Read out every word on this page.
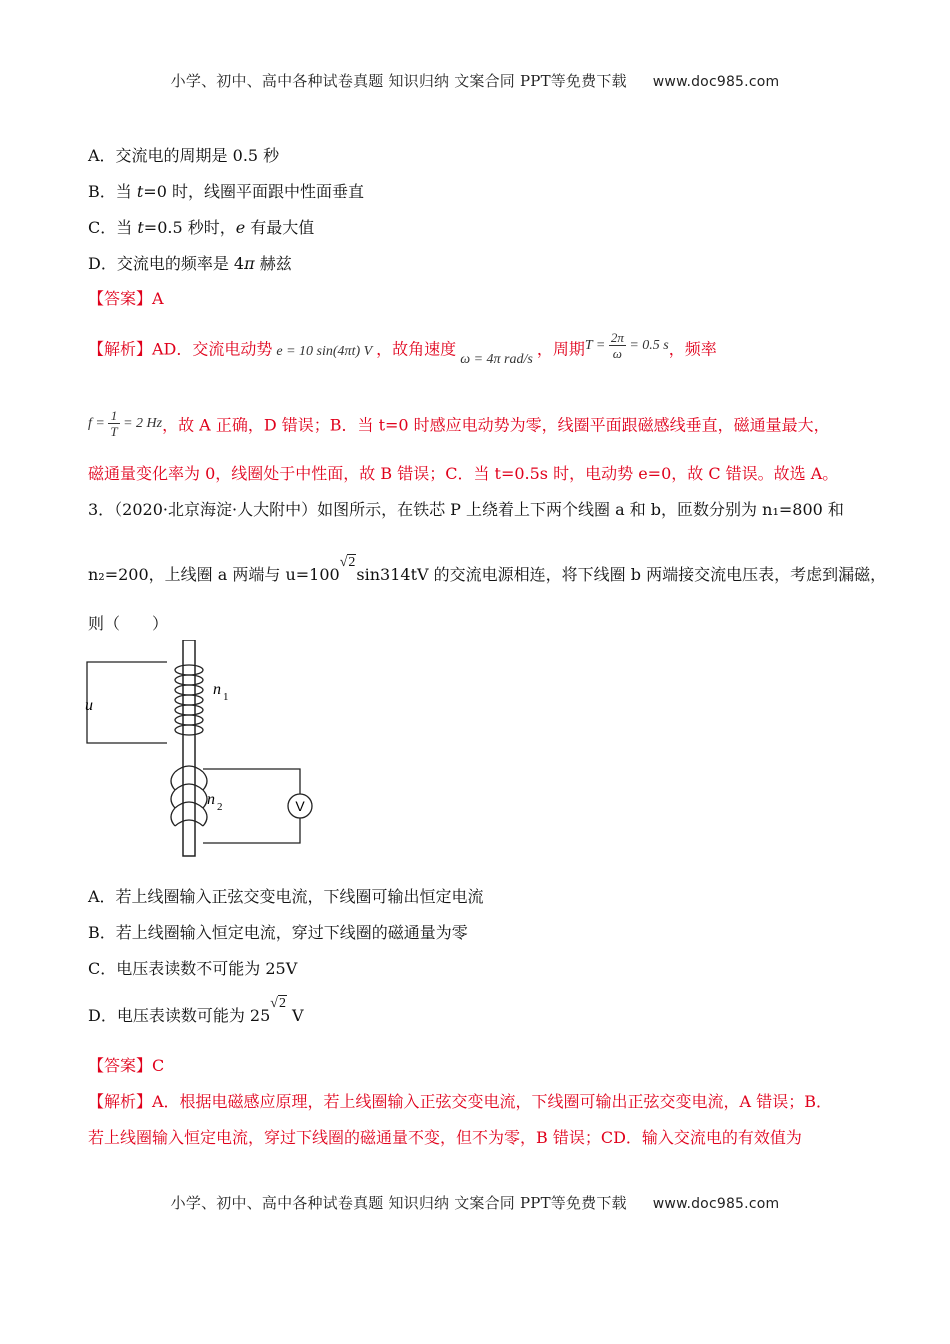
小学、初中、高中各种试卷真题 知识归纳 文案合同 PPT等免费下载 www.doc985.com
A．交流电的周期是 0.5 秒
B．当 t=0 时，线圈平面跟中性面垂直
C．当 t=0.5 秒时，e 有最大值
D．交流电的频率是 4π 赫兹
【答案】A
【解析】AD．交流电动势 e = 10 sin(4πt) V ，故角速度ω = 4π rad/s，周期$T = \frac{2\pi}{\omega} = 0.5$ s，频率
$f = \frac{1}{T} = 2$ Hz，故 A 正确，D 错误；B．当 t=0 时感应电动势为零，线圈平面跟磁感线垂直，磁通量最大，
磁通量变化率为 0，线圈处于中性面，故 B 错误；C．当 t=0.5s 时，电动势 e=0，故 C 错误。故选 A。
3．（2020·北京海淀·人大附中）如图所示，在铁芯 P 上绕着上下两个线圈 a 和 b，匝数分别为 n₁=800 和
n₂=200，上线圈 a 两端与 u=100√2sin314tV 的交流电源相连，将下线圈 b 两端接交流电压表，考虑到漏磁，
则（　　）
V
u
n 1
n 2
A．若上线圈输入正弦交变电流，下线圈可输出恒定电流
B．若上线圈输入恒定电流，穿过下线圈的磁通量为零
C．电压表读数不可能为 25V
D．电压表读数可能为 25√2 V
【答案】C
【解析】A．根据电磁感应原理，若上线圈输入正弦交变电流，下线圈可输出正弦交变电流，A 错误；B．
若上线圈输入恒定电流，穿过下线圈的磁通量不变，但不为零，B 错误；CD．输入交流电的有效值为
小学、初中、高中各种试卷真题 知识归纳 文案合同 PPT等免费下载 www.doc985.com
